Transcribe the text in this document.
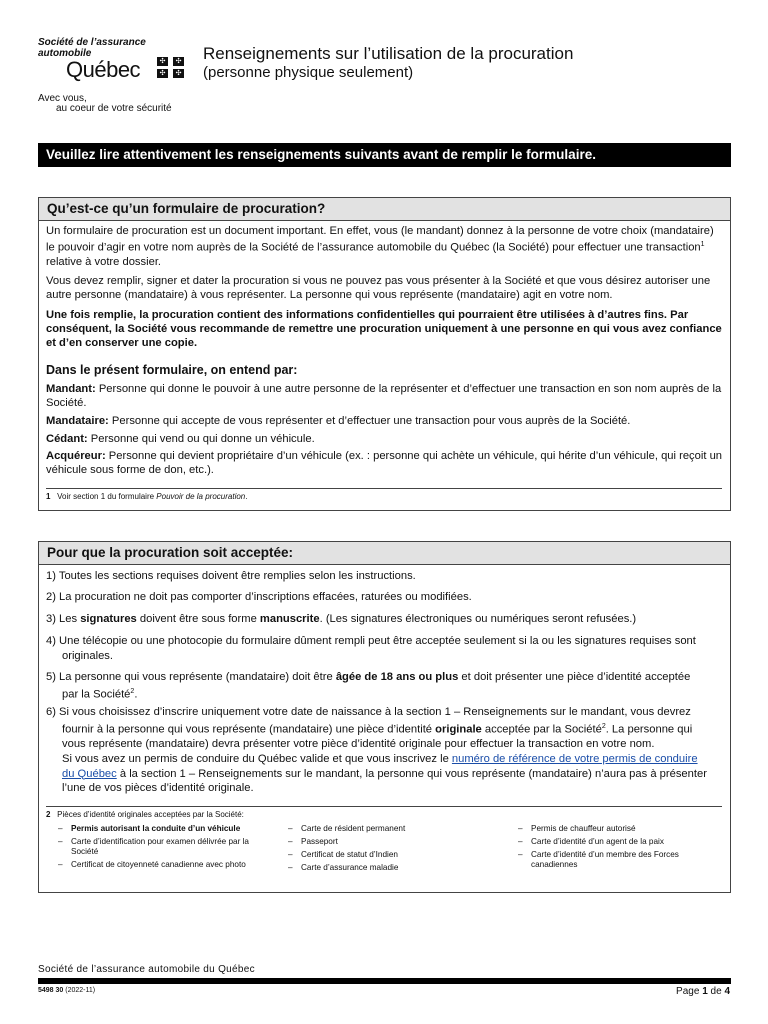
Société de l’assurance automobile
Québec	✣	✣
✣	✣
Avec vous,
au coeur de votre sécurité
Renseignements sur l’utilisation de la procuration
(personne physique seulement)
Veuillez lire attentivement les renseignements suivants avant de remplir le formulaire.
Qu’est-ce qu’un formulaire de procuration?
Un formulaire de procuration est un document important. En effet, vous (le mandant) donnez à la personne de votre choix (mandataire) le pouvoir d’agir en votre nom auprès de la Société de l’assurance automobile du Québec (la Société) pour effectuer une transaction$^1$ relative à votre dossier.
Vous devez remplir, signer et dater la procuration si vous ne pouvez pas vous présenter à la Société et que vous désirez autoriser une autre personne (mandataire) à vous représenter. La personne qui vous représente (mandataire) agit en votre nom.
Une fois remplie, la procuration contient des informations confidentielles qui pourraient être utilisées à d’autres fins. Par conséquent, la Société vous recommande de remettre une procuration uniquement à une personne en qui vous avez confiance et d’en conserver une copie.
Dans le présent formulaire, on entend par:
Mandant: Personne qui donne le pouvoir à une autre personne de la représenter et d’effectuer une transaction en son nom auprès de la Société.
Mandataire: Personne qui accepte de vous représenter et d’effectuer une transaction pour vous auprès de la Société.
Cédant: Personne qui vend ou qui donne un véhicule.
Acquéreur: Personne qui devient propriétaire d’un véhicule (ex. : personne qui achète un véhicule, qui hérite d’un véhicule, qui reçoit un véhicule sous forme de don, etc.).
1 Voir section 1 du formulaire Pouvoir de la procuration.
Pour que la procuration soit acceptée:
1) Toutes les sections requises doivent être remplies selon les instructions.
2) La procuration ne doit pas comporter d’inscriptions effacées, raturées ou modifiées.
3) Les signatures doivent être sous forme manuscrite. (Les signatures électroniques ou numériques seront refusées.)
4) Une télécopie ou une photocopie du formulaire dûment rempli peut être acceptée seulement si la ou les signatures requises sont
originales.
5) La personne qui vous représente (mandataire) doit être âgée de 18 ans ou plus et doit présenter une pièce d’identité acceptée
par la Société$^2$.
6) Si vous choisissez d’inscrire uniquement votre date de naissance à la section 1 – Renseignements sur le mandant, vous devrez
fournir à la personne qui vous représente (mandataire) une pièce d’identité originale acceptée par la Société$^2$. La personne qui
vous représente (mandataire) devra présenter votre pièce d’identité originale pour effectuer la transaction en votre nom.
Si vous avez un permis de conduire du Québec valide et que vous inscrivez le numéro de référence de votre permis de conduire
du Québec à la section 1 – Renseignements sur le mandant, la personne qui vous représente (mandataire) n’aura pas à présenter
l’une de vos pièces d’identité originale.
2 Pièces d’identité originales acceptées par la Société:
– Permis autorisant la conduite d’un véhicule
– Carte d’identification pour examen délivrée par la Société
– Certificat de citoyenneté canadienne avec photo
– Carte de résident permanent
– Passeport
– Certificat de statut d’Indien
– Carte d’assurance maladie
– Permis de chauffeur autorisé
– Carte d’identité d’un agent de la paix
– Carte d’identité d’un membre des Forces canadiennes
Société de l’assurance automobile du Québec
5498 30 (2022-11)	Page 1 de 4
